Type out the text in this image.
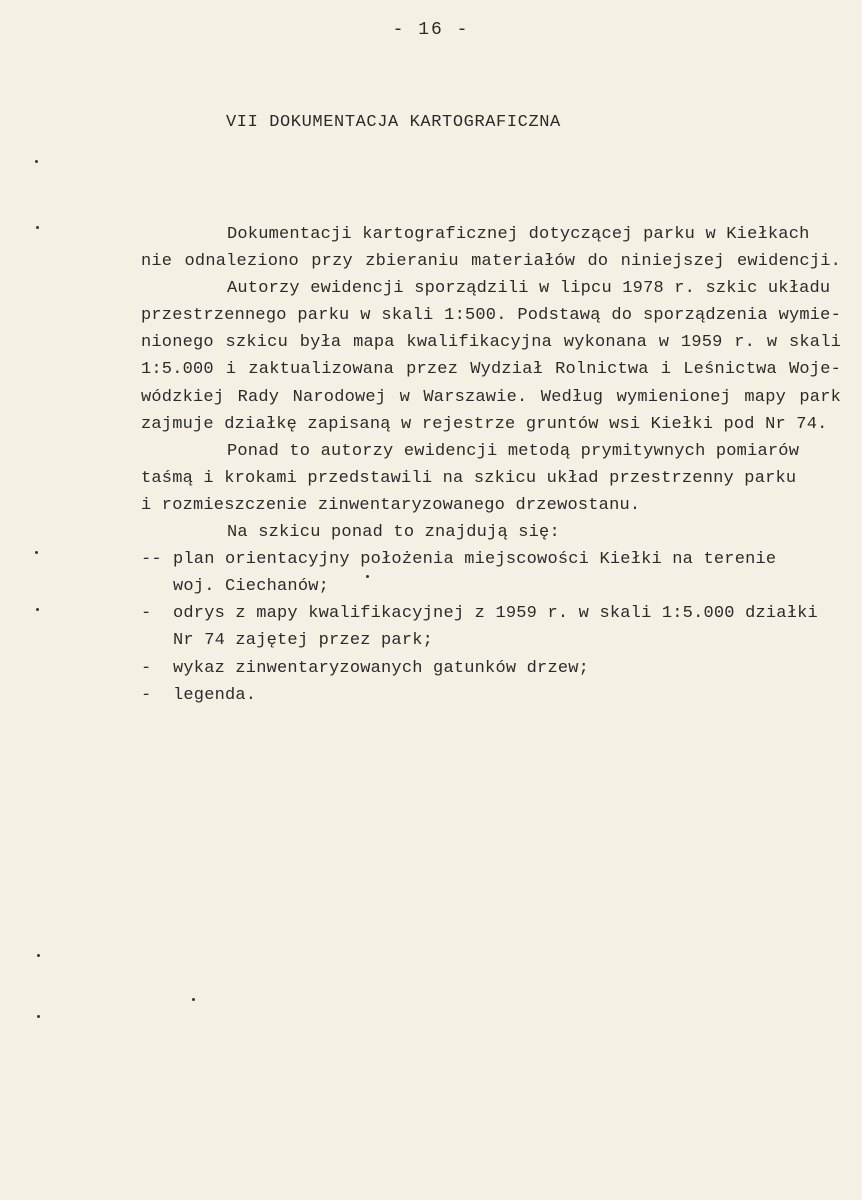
- 16 -
VII DOKUMENTACJA KARTOGRAFICZNA
Dokumentacji kartograficznej dotyczącej parku w Kiełkach
nie odnaleziono przy zbieraniu materiałów do niniejszej ewidencji.
Autorzy ewidencji sporządzili w lipcu 1978 r. szkic układu
przestrzennego parku w skali 1:500. Podstawą do sporządzenia wymie-
nionego szkicu była mapa kwalifikacyjna wykonana w 1959 r. w skali
1:5.000 i zaktualizowana przez Wydział Rolnictwa i Leśnictwa Woje-
wódzkiej Rady Narodowej w Warszawie. Według wymienionej mapy park
zajmuje działkę zapisaną w rejestrze gruntów wsi Kiełki pod Nr 74.
Ponad to autorzy ewidencji metodą prymitywnych pomiarów
taśmą i krokami przedstawili na szkicu układ przestrzenny parku
i rozmieszczenie zinwentaryzowanego drzewostanu.
Na szkicu ponad to znajdują się:
-- plan orientacyjny położenia miejscowości Kiełki na terenie
woj. Ciechanów;
-	odrys z mapy kwalifikacyjnej z 1959 r. w skali 1:5.000 działki
Nr 74 zajętej przez park;
-	wykaz zinwentaryzowanych gatunków drzew;
-	legenda.
